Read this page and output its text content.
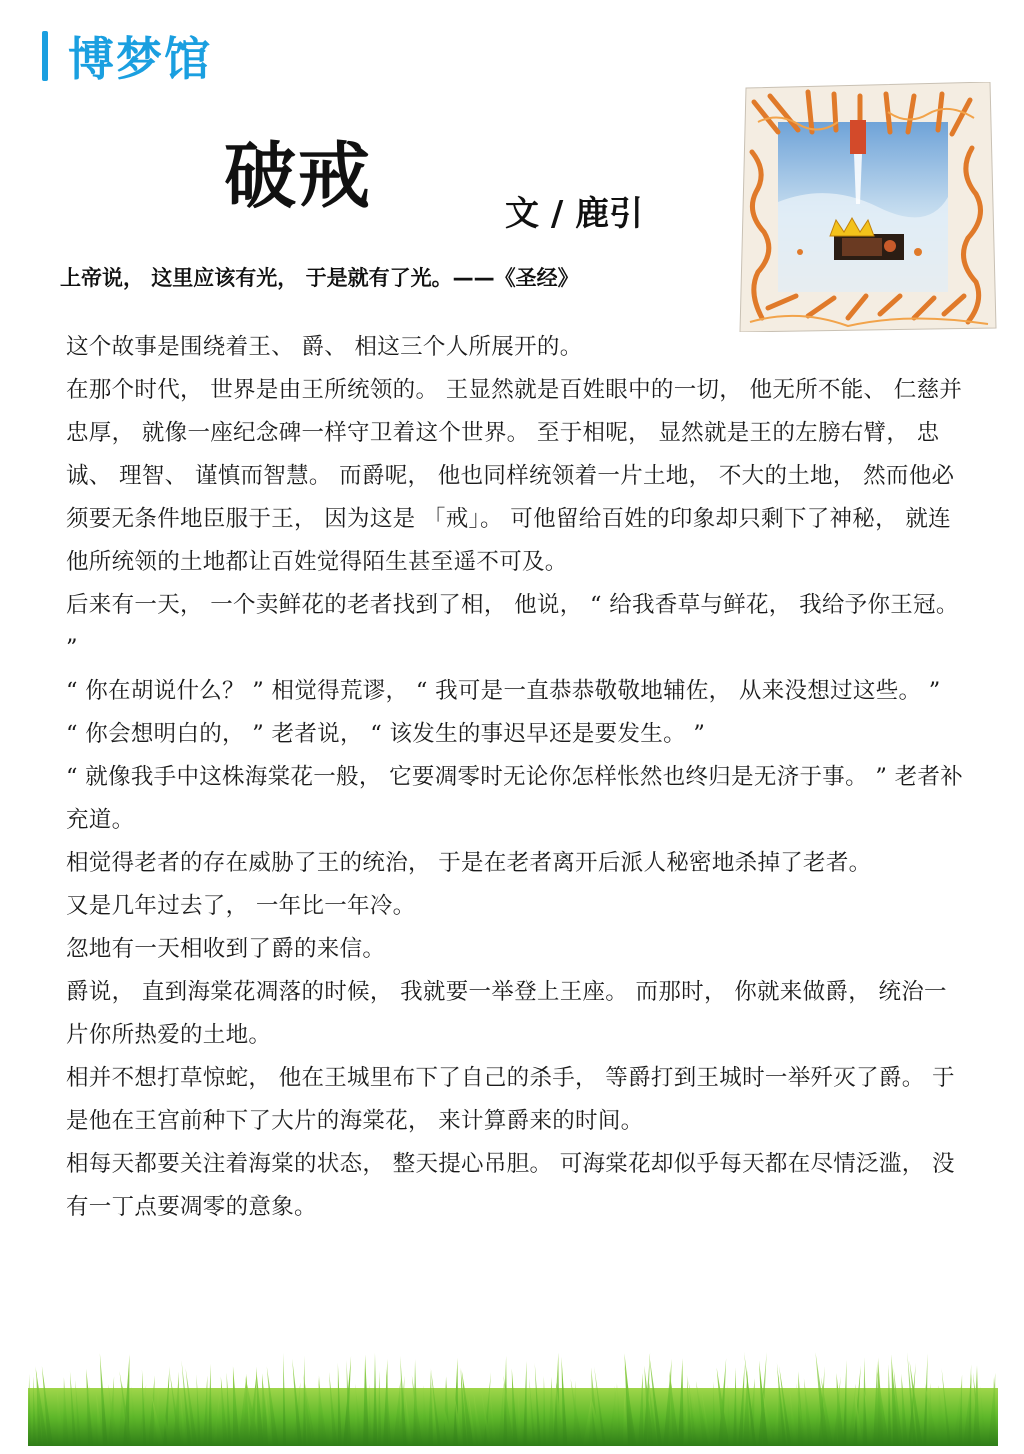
博梦馆
破戒	文 / 鹿引
上帝说， 这里应该有光， 于是就有了光。——《圣经》

这个故事是围绕着王、 爵、 相这三个人所展开的。

在那个时代， 世界是由王所统领的。 王显然就是百姓眼中的一切， 他无所不能、 仁慈并忠厚， 就像一座纪念碑一样守卫着这个世界。 至于相呢， 显然就是王的左膀右臂， 忠诚、 理智、 谨慎而智慧。 而爵呢， 他也同样统领着一片土地， 不大的土地， 然而他必须要无条件地臣服于王， 因为这是 「戒」。 可他留给百姓的印象却只剩下了神秘， 就连他所统领的土地都让百姓觉得陌生甚至遥不可及。

后来有一天， 一个卖鲜花的老者找到了相， 他说， “ 给我香草与鲜花， 我给予你王冠。 ”

“ 你在胡说什么？ ” 相觉得荒谬， “ 我可是一直恭恭敬敬地辅佐， 从来没想过这些。 ”

“ 你会想明白的， ” 老者说， “ 该发生的事迟早还是要发生。 ”

“ 就像我手中这株海棠花一般， 它要凋零时无论你怎样怅然也终归是无济于事。 ” 老者补充道。

相觉得老者的存在威胁了王的统治， 于是在老者离开后派人秘密地杀掉了老者。

又是几年过去了， 一年比一年冷。

忽地有一天相收到了爵的来信。

爵说， 直到海棠花凋落的时候， 我就要一举登上王座。 而那时， 你就来做爵， 统治一片你所热爱的土地。

相并不想打草惊蛇， 他在王城里布下了自己的杀手， 等爵打到王城时一举歼灭了爵。 于是他在王宫前种下了大片的海棠花， 来计算爵来的时间。

相每天都要关注着海棠的状态， 整天提心吊胆。 可海棠花却似乎每天都在尽情泛滥， 没有一丁点要凋零的意象。
